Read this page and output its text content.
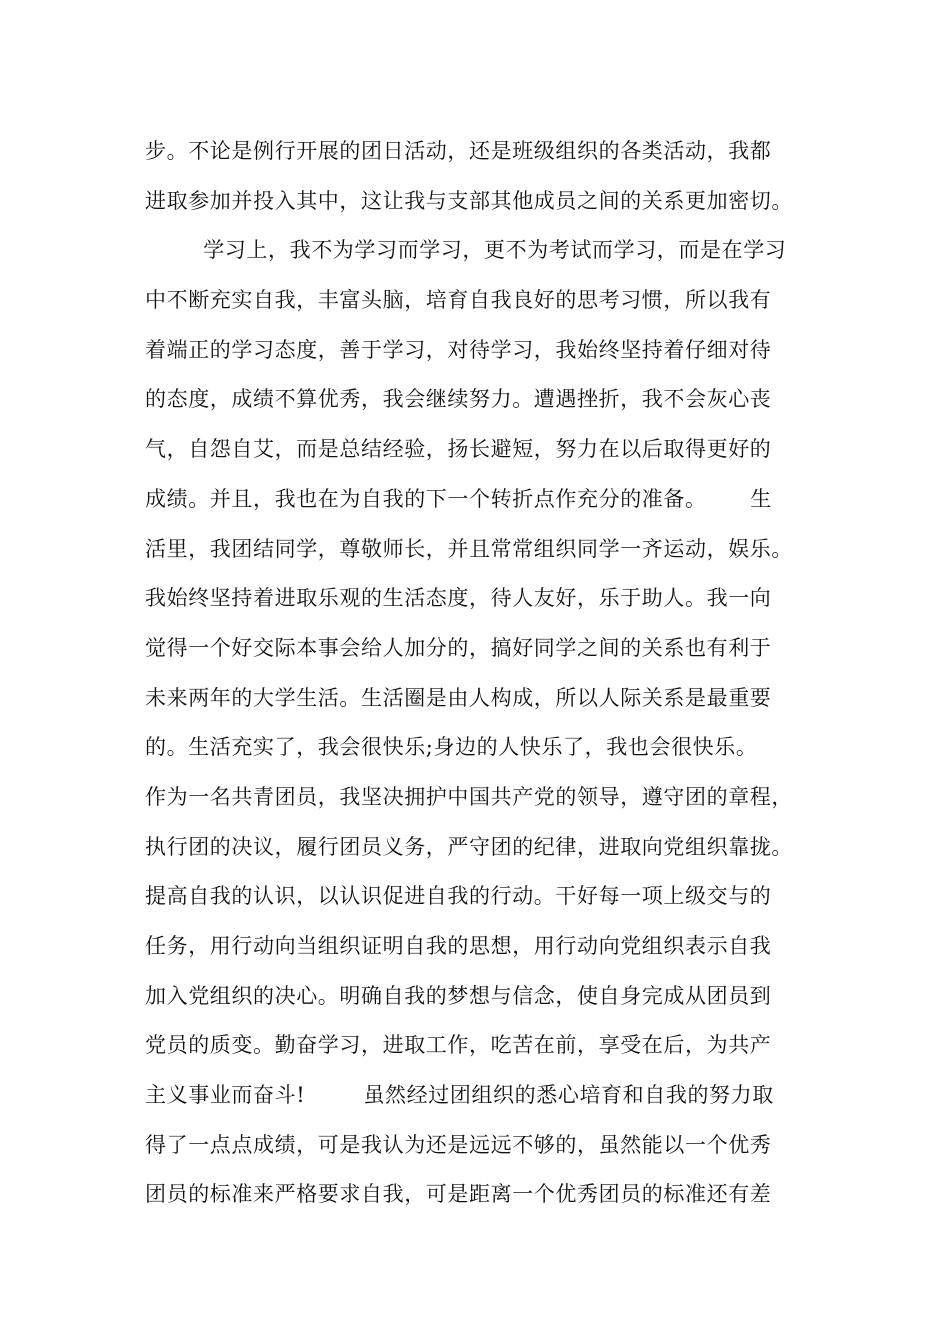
步。不论是例行开展的团日活动，还是班级组织的各类活动，我都
进取参加并投入其中，这让我与支部其他成员之间的关系更加密切。
学习上，我不为学习而学习，更不为考试而学习，而是在学习
中不断充实自我，丰富头脑，培育自我良好的思考习惯，所以我有
着端正的学习态度，善于学习，对待学习，我始终坚持着仔细对待
的态度，成绩不算优秀，我会继续努力。遭遇挫折，我不会灰心丧
气，自怨自艾，而是总结经验，扬长避短，努力在以后取得更好的
成绩。并且，我也在为自我的下一个转折点作充分的准备。      生
活里，我团结同学，尊敬师长，并且常常组织同学一齐运动，娱乐。
我始终坚持着进取乐观的生活态度，待人友好，乐于助人。我一向
觉得一个好交际本事会给人加分的，搞好同学之间的关系也有利于
未来两年的大学生活。生活圈是由人构成，所以人际关系是最重要
的。生活充实了，我会很快乐;身边的人快乐了，我也会很快乐。
作为一名共青团员，我坚决拥护中国共产党的领导，遵守团的章程，
执行团的决议，履行团员义务，严守团的纪律，进取向党组织靠拢。
提高自我的认识，以认识促进自我的行动。干好每一项上级交与的
任务，用行动向当组织证明自我的思想，用行动向党组织表示自我
加入党组织的决心。明确自我的梦想与信念，使自身完成从团员到
党员的质变。勤奋学习，进取工作，吃苦在前，享受在后，为共产
主义事业而奋斗!        虽然经过团组织的悉心培育和自我的努力取
得了一点点成绩，可是我认为还是远远不够的，虽然能以一个优秀
团员的标准来严格要求自我，可是距离一个优秀团员的标准还有差
